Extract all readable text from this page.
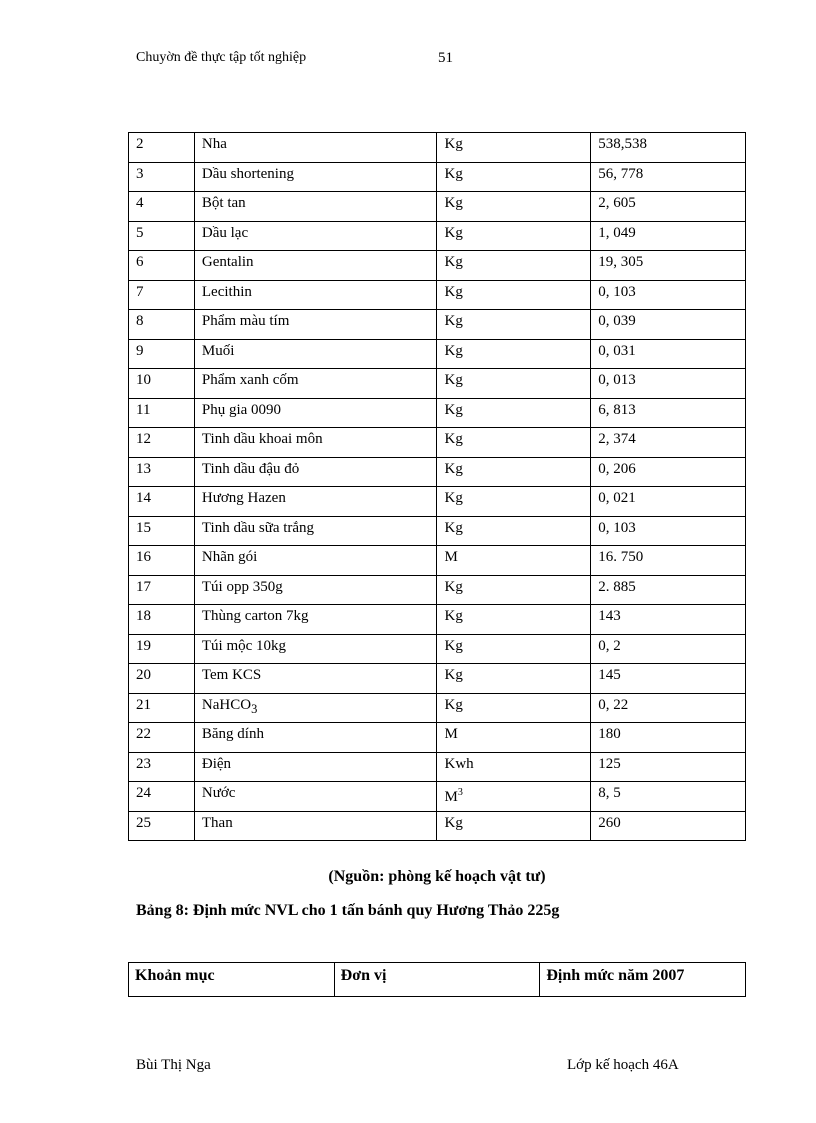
Chuyờn đề thực tập tốt nghiệp	51
2	Nha	Kg	538,538
3	Dầu shortening	Kg	56, 778
4	Bột tan	Kg	2, 605
5	Dầu lạc	Kg	1, 049
6	Gentalin	Kg	19, 305
7	Lecithin	Kg	0, 103
8	Phẩm màu tím	Kg	0, 039
9	Muối	Kg	0, 031
10	Phẩm xanh cốm	Kg	0, 013
11	Phụ gia 0090	Kg	6, 813
12	Tinh dầu khoai môn	Kg	2, 374
13	Tinh dầu đậu đỏ	Kg	0, 206
14	Hương Hazen	Kg	0, 021
15	Tinh dầu sữa trắng	Kg	0, 103
16	Nhãn gói	M	16. 750
17	Túi opp 350g	Kg	2. 885
18	Thùng carton 7kg	Kg	143
19	Túi mộc 10kg	Kg	0, 2
20	Tem KCS	Kg	145
21	NaHCO$_3$	Kg	0, 22
22	Băng dính	M	180
23	Điện	Kwh	125
24	Nước	$M^3$	8, 5
25	Than	Kg	260
(Nguồn: phòng kế hoạch vật tư)
Bảng 8: Định mức NVL cho 1 tấn bánh quy Hương Thảo 225g
Khoản mục	Đơn vị	Định mức năm 2007
Bùi Thị Nga	Lớp kế hoạch 46A
